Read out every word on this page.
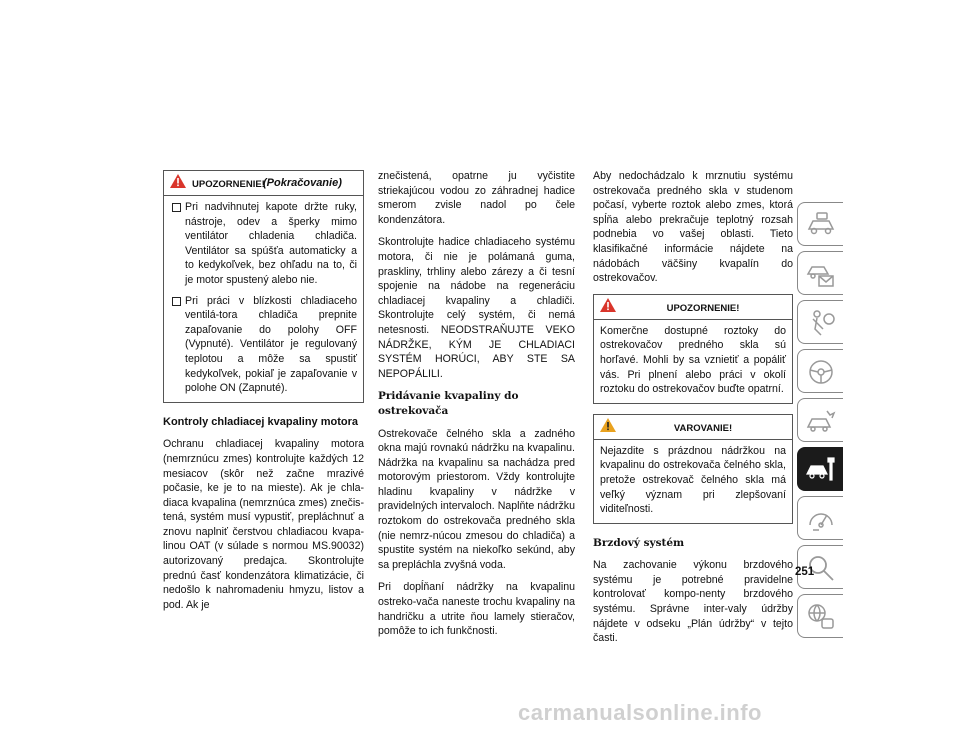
UPOZORNENIE!
(Pokračovanie)
Pri nadvihnutej kapote držte ruky, nástroje, odev a šperky mimo ventilátor chladenia chladiča. Ventilátor sa spúšťa automaticky a to kedykoľvek, bez ohľadu na to, či je motor spustený alebo nie.
Pri práci v blízkosti chladiaceho ventilá-tora chladiča prepnite zapaľovanie do polohy OFF (Vypnuté). Ventilátor je regulovaný teplotou a môže sa spustiť kedykoľvek, pokiaľ je zapaľovanie v polohe ON (Zapnuté).
Kontroly chladiacej kvapaliny motora

Ochranu chladiacej kvapaliny motora (nemrznúcu zmes) kontrolujte každých 12 mesiacov (skôr než začne mrazivé počasie, ke je to na mieste). Ak je chla-diaca kvapalina (nemrznúca zmes) znečis-tená, systém musí vypustiť, prepláchnuť a znovu naplniť čerstvou chladiacou kvapa-linou OAT (v súlade s normou MS.90032) autorizovaný predajca. Skontrolujte prednú časť kondenzátora klimatizácie, či nedošlo k nahromadeniu hmyzu, listov a pod. Ak je

znečistená, opatrne ju vyčistite striekajúcou vodou zo záhradnej hadice smerom zvisle nadol po čele kondenzátora.

Skontrolujte hadice chladiaceho systému motora, či nie je polámaná guma, praskliny, trhliny alebo zárezy a či tesní spojenie na nádobe na regeneráciu chladiacej kvapaliny a chladiči. Skontrolujte celý systém, či nemá netesnosti. NEODSTRAŇUJTE VEKO NÁDRŽKE, KÝM JE CHLADIACI SYSTÉM HORÚCI, ABY STE SA NEPOPÁLILI.

Pridávanie kvapaliny do ostrekovača

Ostrekovače čelného skla a zadného okna majú rovnakú nádržku na kvapalinu. Nádržka na kvapalinu sa nachádza pred motorovým priestorom. Vždy kontrolujte hladinu kvapaliny v nádržke v pravidelných intervaloch. Naplňte nádržku roztokom do ostrekovača predného skla (nie nemrz-núcou zmesou do chladiča) a spustite systém na niekoľko sekúnd, aby sa prepláchla zvyšná voda.

Pri dopĺňaní nádržky na kvapalinu ostreko-vača naneste trochu kvapaliny na handričku a utrite ňou lamely stieračov, pomôže to ich funkčnosti.

Aby nedochádzalo k mrznutiu systému ostrekovača predného skla v studenom počasí, vyberte roztok alebo zmes, ktorá spĺňa alebo prekračuje teplotný rozsah podnebia vo vašej oblasti. Tieto klasifikačné informácie nájdete na nádobách väčšiny kvapalín do ostrekovačov.

UPOZORNENIE!
Komerčne dostupné roztoky do ostrekovačov predného skla sú horľavé. Mohli by sa vznietiť a popáliť vás. Pri plnení alebo práci v okolí roztoku do ostrekovačov buďte opatrní.
VAROVANIE!
Nejazdite s prázdnou nádržkou na kvapalinu do ostrekovača čelného skla, pretože ostrekovač čelného skla má veľký význam pri zlepšovaní viditeľnosti.
Brzdový systém

Na zachovanie výkonu brzdového systému je potrebné pravidelne kontrolovať kompo-nenty brzdového systému. Správne inter-valy údržby nájdete v odseku „Plán údržby“ v tejto časti.

251
carmanualsonline.info
